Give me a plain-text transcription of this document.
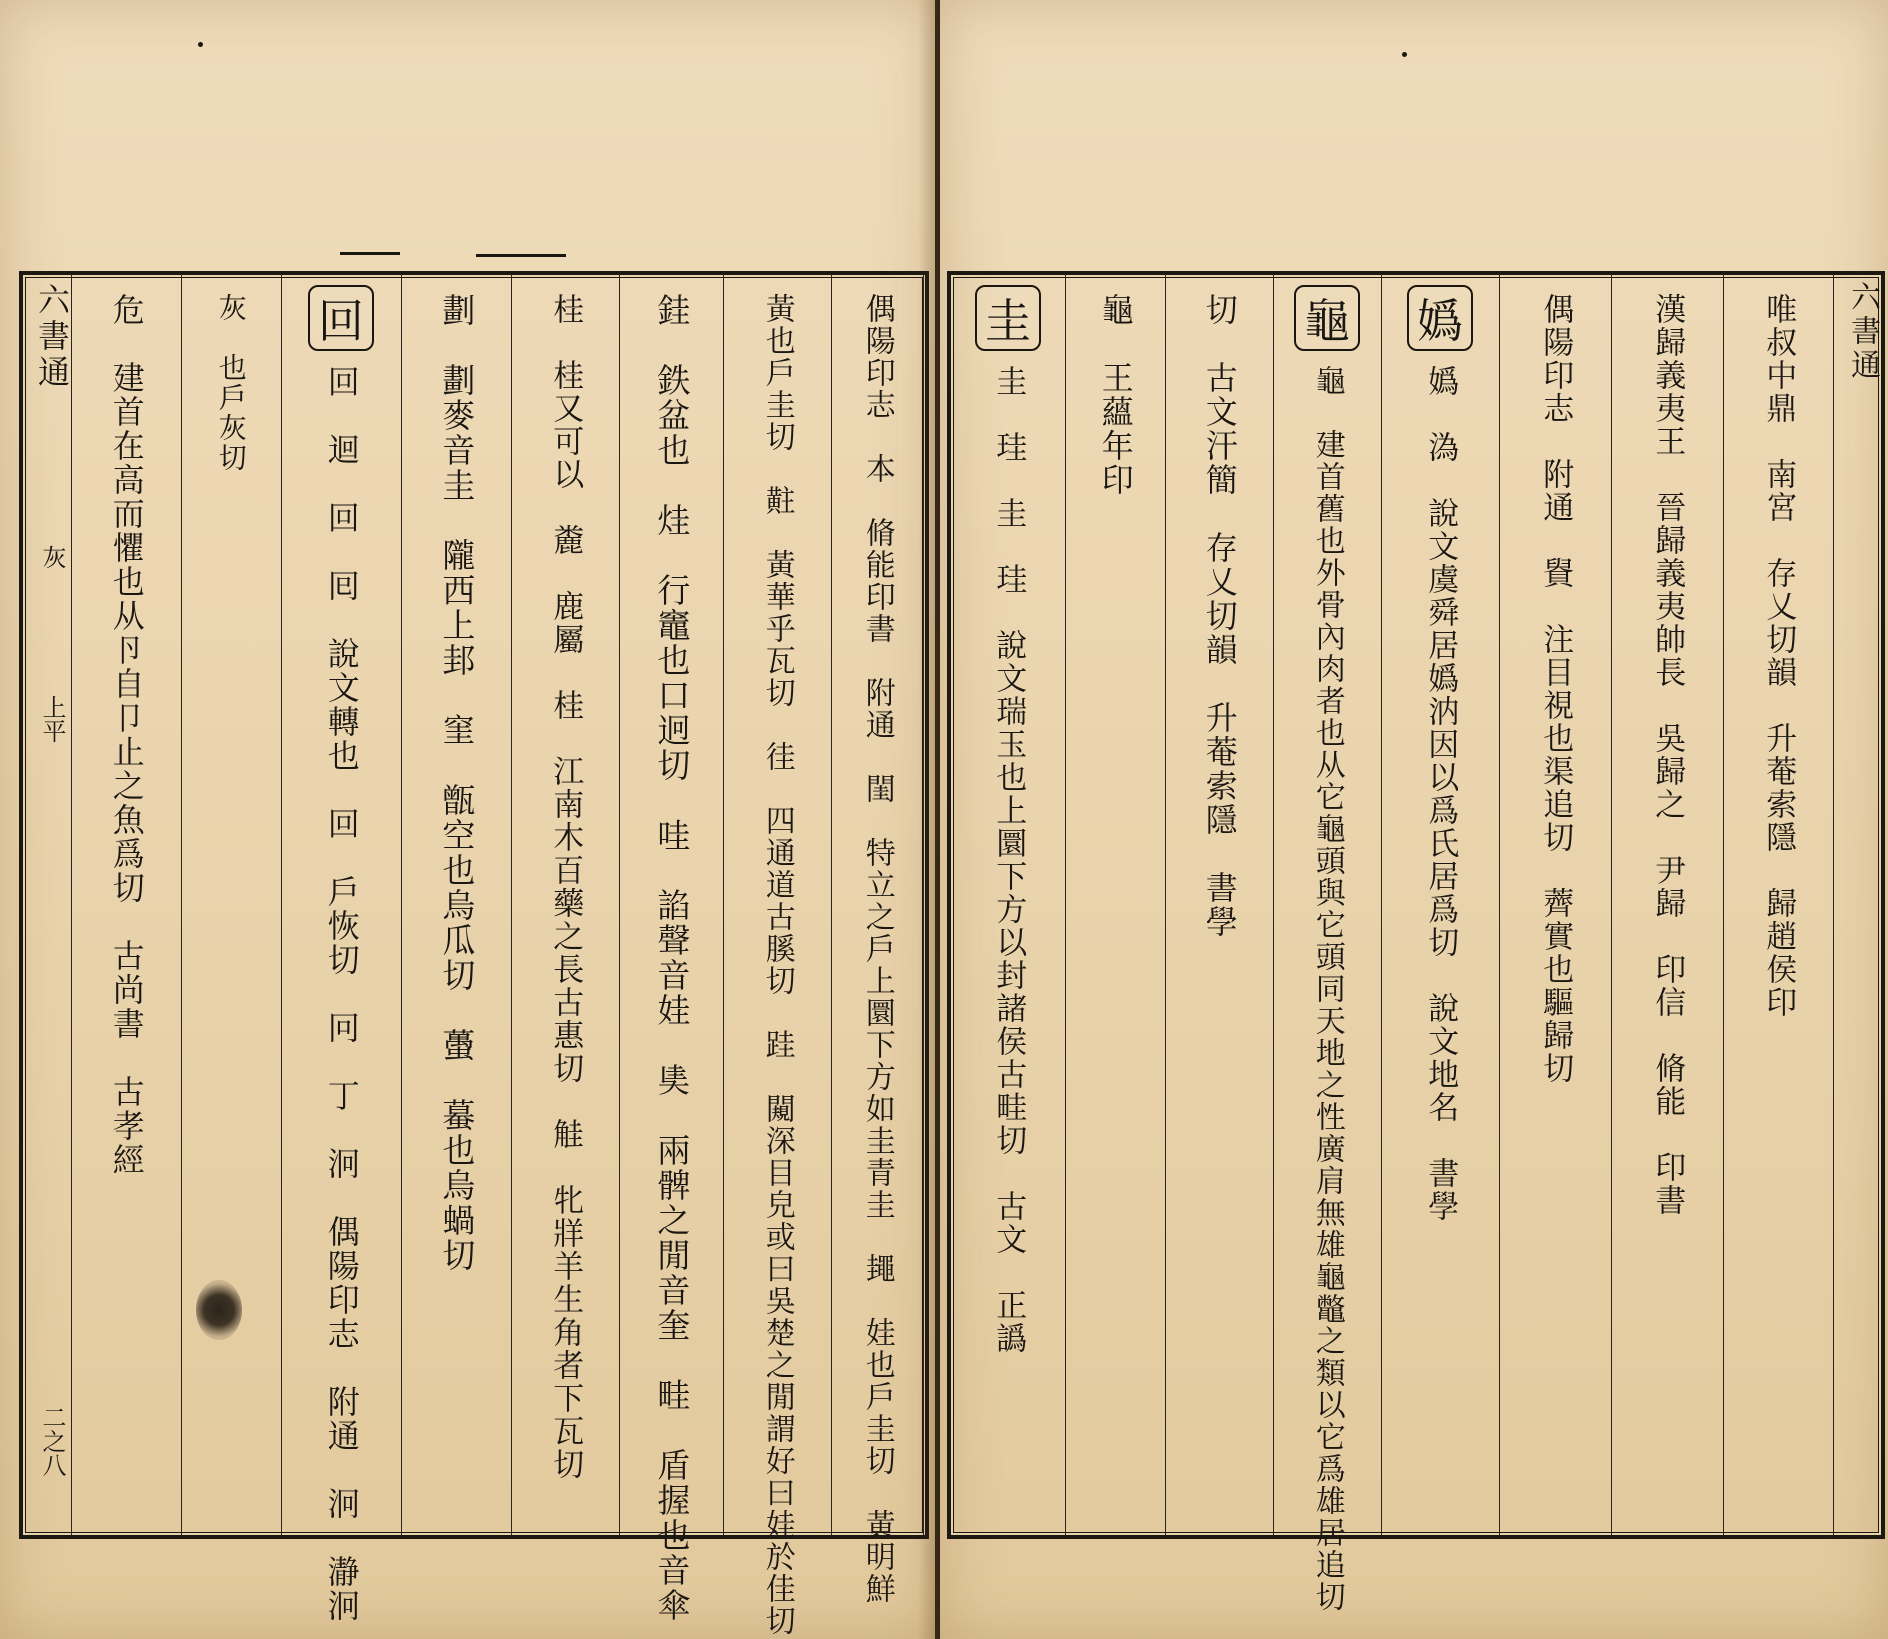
偶陽印志　本　脩能印書　附通　閨　特立之戶上圜下方如圭青圭　䵷　娃也戶圭切　黃明鮮
黃也戶圭切　黈　黃華乎瓦切　徍　四通道古膎切　跬　闚深目皃或曰吳楚之閒謂好曰娃於佳切
銈　鉄盆也　烓　行竈也口迥切　哇　諂聲音娃　奊　兩髀之閒音奎　畦　盾握也音傘
桂　桂又可以　麊　鹿屬　桂　江南木百藥之長古惠切　觟　牝牂羊生角者下瓦切
劃　劃麥音圭　隴西上邽　窐　甑空也烏瓜切　蠆　蟇也烏蝸切
回
回　迴　回　囘　說文轉也　回　戶恢切　冋　丁　泂　偶陽印志　附通　泂　瀞泂
灰　也戶灰切
危　建首在高而懼也从卪自卩止之魚爲切　古尚書　古孝經
六書通
灰
上平
二之八
六書通
唯叔中鼎　南宮　存乂切韻　升菴索隱　歸趙侯印
漢歸義夷王　晉歸義夷帥長　吳歸之　尹歸　印信　脩能　印書
偶陽印志　附通　䝿　注目視也渠追切　薺實也驅歸切
嬀
嬀　溈　說文虞舜居嬀汭因以爲氏居爲切　說文地名　書學
龜
龜　建首舊也外骨內肉者也从它龜頭與它頭同天地之性廣肩無雄龜鼈之類以它爲雄居追切
切　古文汗簡　存乂切韻　升菴索隱　書學
龜　王蘊年印
圭
圭　珪　圭　珪　說文瑞玉也上圜下方以封諸侯古畦切　古文　正譌
